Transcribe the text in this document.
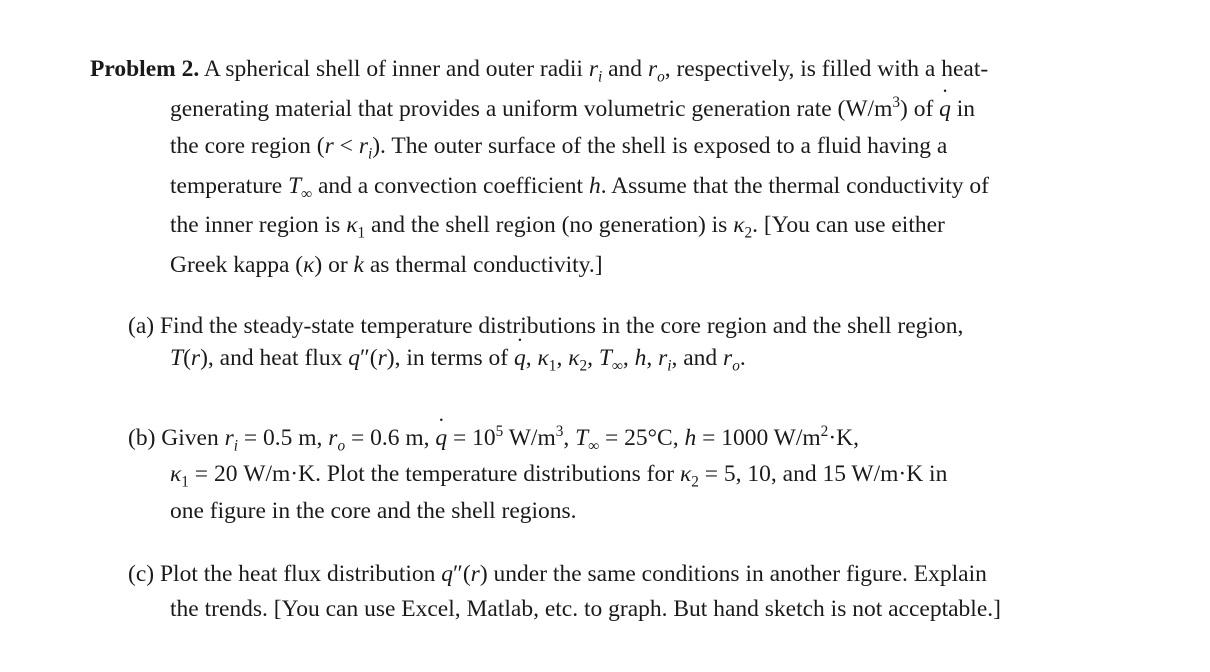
Problem 2. A spherical shell of inner and outer radii $r_i$ and $r_o$, respectively, is filled with a heat-
generating material that provides a uniform volumetric generation rate $(W/m^3)$ of q ˙ in
the core region $(r < r_i)$. The outer surface of the shell is exposed to a fluid having a
temperature $T_\infty$ and a convection coefficient h. Assume that the thermal conductivity of
the inner region is $\kappa_1$ and the shell region (no generation) is $\kappa_2$. [You can use either
Greek kappa (κ) or k as thermal conductivity.]
(a) Find the steady-state temperature distributions in the core region and the shell region,
T(r), and heat flux q″(r), in terms of q ˙, $\kappa_1$, $\kappa_2$, $T_\infty$, h, $r_i$, and $r_o$.
(b) Given $r_i = 0.5$ m, $r_o = 0.6$ m, q ˙ = $10^5$ $W/m^3$, $T_\infty = 25^\circ C$, h = 1000 $W/m^2\cdot K$,
$\kappa_1 = 20$ W/m·K. Plot the temperature distributions for $\kappa_2 = 5$, 10, and 15 W/m·K in
one figure in the core and the shell regions.
(c) Plot the heat flux distribution q″(r) under the same conditions in another figure. Explain
the trends. [You can use Excel, Matlab, etc. to graph. But hand sketch is not acceptable.]
